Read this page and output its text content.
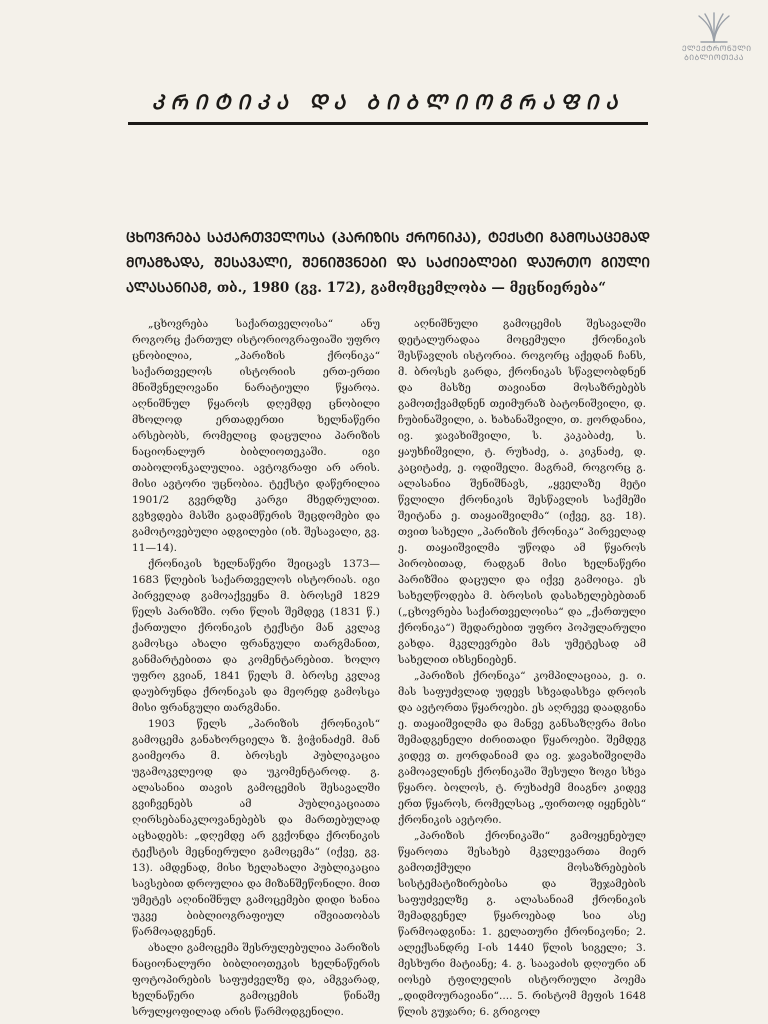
ᲔᲚᲔᲥᲢᲠᲝᲜᲣᲚᲘ
ᲑᲘᲑᲚᲘᲝᲗᲔᲙᲐ
ᲙᲠᲘᲢᲘᲙᲐ ᲓᲐ ᲑᲘᲑᲚᲘᲝᲒᲠᲐᲤᲘᲐ
ᲪᲮᲝᲕᲠᲔᲑᲐ ᲡᲐᲥᲐᲠᲗᲕᲔᲚᲝᲡᲐ (ᲞᲐᲠᲘᲖᲘᲡ ᲥᲠᲝᲜᲘᲙᲐ), ᲢᲔᲥᲡᲢᲘ ᲒᲐᲛᲝᲡᲐᲪᲔᲛᲐᲓ ᲛᲝᲐᲛᲖᲐᲓᲐ, ᲨᲔᲡᲐᲕᲐᲚᲘ, ᲨᲔᲜᲘᲨᲕᲜᲔᲑᲘ ᲓᲐ ᲡᲐᲫᲘᲔᲑᲚᲔᲑᲘ ᲓᲐᲣᲠᲗᲝ ᲒᲘᲣᲚᲘ ᲐᲚᲐᲡᲐᲜᲘᲐᲛ, თბ., 1980 (გვ. 172), გამომცემლობა — მეცნიერება“

„ცხოვრება საქართველოისა“ ანუ როგორც ქართულ ისტორიოგრაფიაში უფრო ცნობილია, „პარიზის ქრონიკა“ საქართველოს ისტორიის ერთ-ერთი მნიშვნელოვანი ნარატიული წყაროა. აღნიშნულ წყაროს დღემდე ცნობილი მხოლოდ ერთადერთი ხელნაწერი არსებობს, რომელიც დაცულია პარიზის ნაციონალურ ბიბლიოთეკაში. იგი თაბოლონკალულია. ავტოგრაფი არ არის. მისი ავტორი უცნობია. ტექსტი დაწერილია 1901/2 გვერდზე კარგი მხედრულით. გვხვდება მასში გადამწერის შეცდომები და გამოტოვებული ადგილები (იხ. შესავალი, გვ. 11—14).

ქრონიკის ხელნაწერი შეიცავს 1373—1683 წლების საქართველოს ისტორიას. იგი პირველად გამოაქვეყნა მ. ბროსემ 1829 წელს პარიზში. ორი წლის შემდეგ (1831 წ.) ქართული ქრონიკის ტექსტი მან კვლავ გამოსცა ახალი ფრანგული თარგმანით, განმარტებითა და კომენტარებით. ხოლო უფრო გვიან, 1841 წელს მ. ბროსე კვლავ დაუბრუნდა ქრონიკას და მეორედ გამოსცა მისი ფრანგული თარგმანი.

1903 წელს „პარიზის ქრონიკის“ გამოცემა განახორციელა ზ. ჭიჭინაძემ. მან გაიმეორა მ. ბროსეს პუბლიკაცია უგამოკვლეოდ და უკომენტაროდ. გ. ალასანია თავის გამოცემის შესავალში გვიჩვენებს ამ პუბლიკაციათა ღირსებანაკლოვანებებს და მართებულად აცხადებს: „დღემდე არ გვქონდა ქრონიკის ტექსტის მეცნიერული გამოცემა“ (იქვე, გვ. 13). ამდენად, მისი ხელახალი პუბლიკაცია სავსებით დროულია და მიზანშეწონილი. მით უმეტეს აღინიშნულ გამოცემები დიდი ხანია უკვე ბიბლიოგრაფიულ იშვიათობას წარმოადგენენ.

ახალი გამოცემა შესრულებულია პარიზის ნაციონალური ბიბლიოთეკის ხელნაწერის ფოტოპირების საფუძველზე და, ამგვარად, ხელნაწერი გამოცემის წინაშე სრულყოფილად არის წარმოდგენილი.

აღნიშნული გამოცემის შესავალში დეტალურადაა მოცემული ქრონიკის შესწავლის ისტორია. როგორც აქედან ჩანს, მ. ბროსეს გარდა, ქრონიკას სწავლობდნენ და მასზე თავიანთ მოსაზრებებს გამოთქვამდნენ თეიმურაზ ბატონიშვილი, დ. ჩუბინაშვილი, ა. ხახანაშვილი, თ. ჟორდანია, ივ. ჯავახიშვილი, ს. კაკაბაძე, ს. ყაუხჩიშვილი, ტ. რუხაძე, ა. კიკნაძე, დ. კაციტაძე, ე. ოდიშელი. მაგრამ, როგორც გ. ალასანია შენიშნავს, „ყველაზე მეტი წვლილი ქრონიკის შესწავლის საქმეში შეიტანა ე. თაყაიშვილმა“ (იქვე, გვ. 18). თვით სახელი „პარიზის ქრონიკა“ პირველად ე. თაყაიშვილმა უწოდა ამ წყაროს პირობითად, რადგან მისი ხელნაწერი პარიზშია დაცული და იქვე გამოიცა. ეს სახელწოდება მ. ბროსის დასახელებებთან („ცხოვრება საქართველოისა“ და „ქართული ქრონიკა“) შედარებით უფრო პოპულარული გახდა. მკვლევრები მას უმეტესად ამ სახელით იხსენიებენ.

„პარიზის ქრონიკა“ კომპილაციაა, ე. ი. მას საფუძვლად უდევს სხვადასხვა დროის და ავტორთა წყაროები. ეს აღრევე დაადგინა ე. თაყაიშვილმა და მანვე განსაზღვრა მისი შემადგენელი ძირითადი წყაროები. შემდეგ კიდევ თ. ჟორდანიამ და ივ. ჯავახიშვილმა გამოავლინეს ქრონიკაში შესული ზოგი სხვა წყარო. ბოლოს, ტ. რუხაძემ მიაგნო კიდევ ერთ წყაროს, რომელსაც „ფირთოდ იყენებს“ ქრონიკის ავტორი.

„პარიზის ქრონიკაში“ გამოყენებულ წყაროთა შესახებ მკვლევართა მიერ გამოთქმული მოსაზრებების სისტემატიზირებისა და შეჯამების საფუძველზე გ. ალასანიამ ქრონიკის შემადგენელ წყაროებად სია ასე წარმოადგინა: 1. გელათური ქრონიკონი; 2. ალექსანდრე I-ის 1440 წლის სიგელი; 3. მესხური მატიანე; 4. გ. საავაძის დღიური ან იოსებ ტფილელის ისტორიული პოემა „დიდმოურავიანი“.... 5. რისტომ მეფის 1648 წლის გუჯარი; 6. გრიგოლ
